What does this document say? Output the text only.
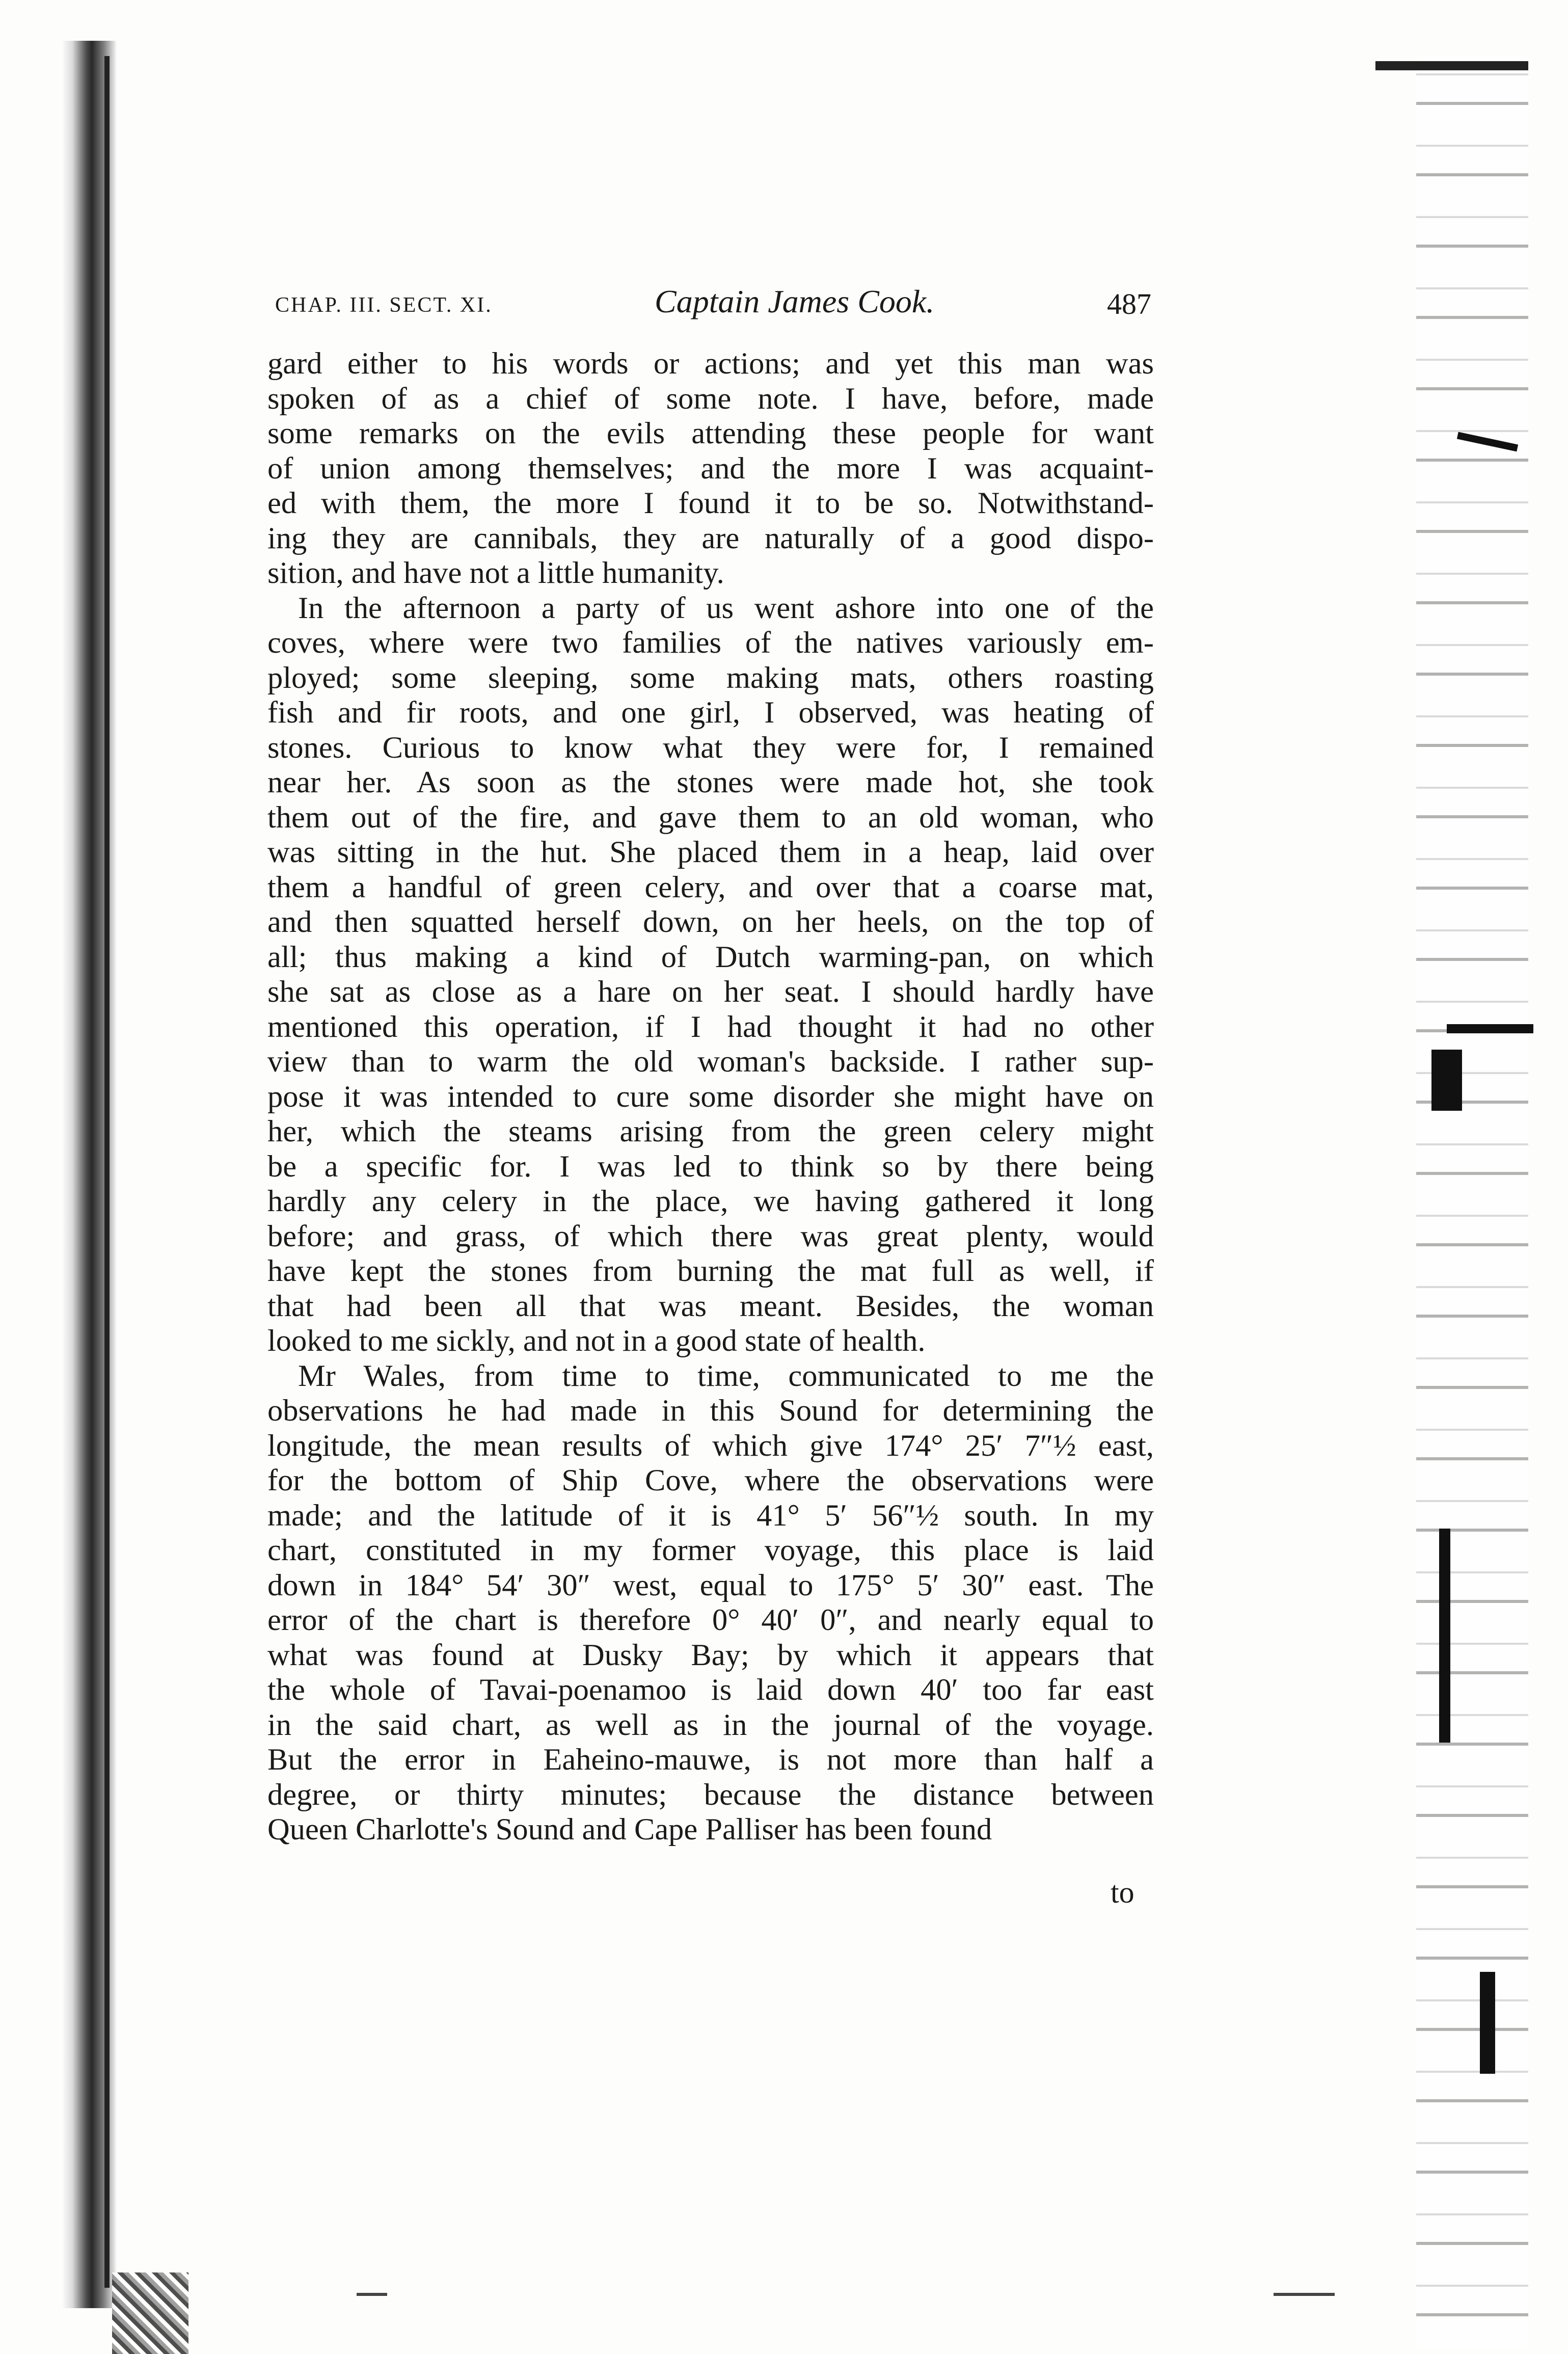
CHAP. III. SECT. XI.	Captain James Cook.	487
gard either to his words or actions; and yet this man was
spoken of as a chief of some note. I have, before, made
some remarks on the evils attending these people for want
of union among themselves; and the more I was acquaint-
ed with them, the more I found it to be so. Notwithstand-
ing they are cannibals, they are naturally of a good dispo-
sition, and have not a little humanity.
In the afternoon a party of us went ashore into one of the
coves, where were two families of the natives variously em-
ployed; some sleeping, some making mats, others roasting
fish and fir roots, and one girl, I observed, was heating of
stones. Curious to know what they were for, I remained
near her. As soon as the stones were made hot, she took
them out of the fire, and gave them to an old woman, who
was sitting in the hut. She placed them in a heap, laid over
them a handful of green celery, and over that a coarse mat,
and then squatted herself down, on her heels, on the top of
all; thus making a kind of Dutch warming-pan, on which
she sat as close as a hare on her seat. I should hardly have
mentioned this operation, if I had thought it had no other
view than to warm the old woman's backside. I rather sup-
pose it was intended to cure some disorder she might have on
her, which the steams arising from the green celery might
be a specific for. I was led to think so by there being
hardly any celery in the place, we having gathered it long
before; and grass, of which there was great plenty, would
have kept the stones from burning the mat full as well, if
that had been all that was meant. Besides, the woman
looked to me sickly, and not in a good state of health.
Mr Wales, from time to time, communicated to me the
observations he had made in this Sound for determining the
longitude, the mean results of which give 174° 25′ 7″½ east,
for the bottom of Ship Cove, where the observations were
made; and the latitude of it is 41° 5′ 56″½ south. In my
chart, constituted in my former voyage, this place is laid
down in 184° 54′ 30″ west, equal to 175° 5′ 30″ east. The
error of the chart is therefore 0° 40′ 0″, and nearly equal to
what was found at Dusky Bay; by which it appears that
the whole of Tavai-poenamoo is laid down 40′ too far east
in the said chart, as well as in the journal of the voyage.
But the error in Eaheino-mauwe, is not more than half a
degree, or thirty minutes; because the distance between
Queen Charlotte's Sound and Cape Palliser has been found
to
